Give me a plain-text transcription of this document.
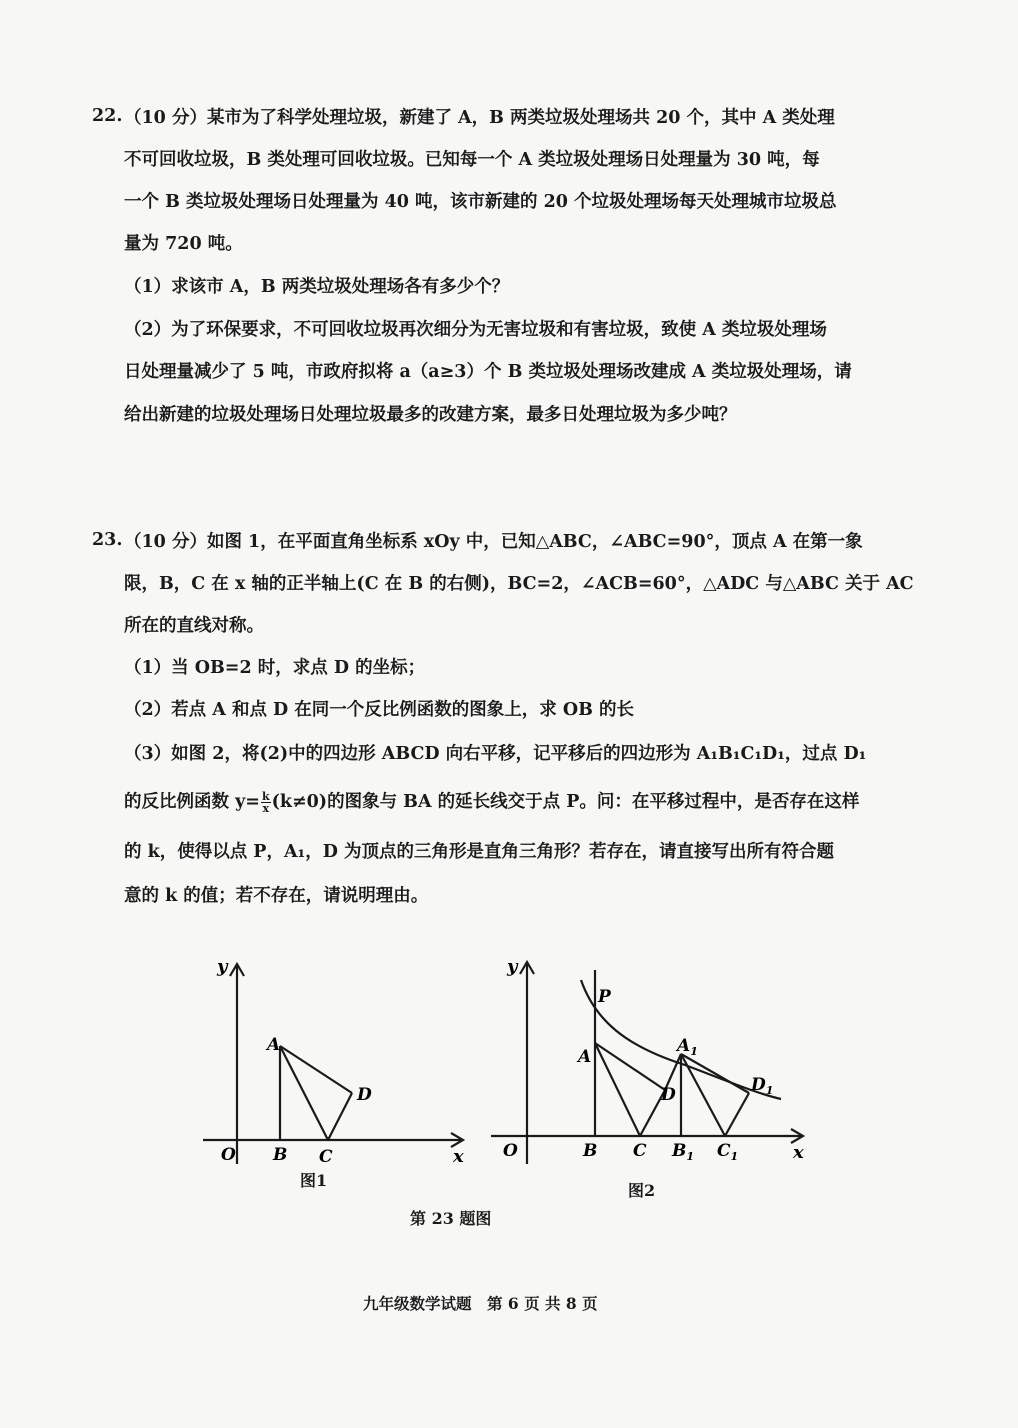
22. （10 分）某市为了科学处理垃圾，新建了 A，B 两类垃圾处理场共 20 个，其中 A 类处理
不可回收垃圾，B 类处理可回收垃圾。已知每一个 A 类垃圾处理场日处理量为 30 吨，每
一个 B 类垃圾处理场日处理量为 40 吨，该市新建的 20 个垃圾处理场每天处理城市垃圾总
量为 720 吨。
（1）求该市 A，B 两类垃圾处理场各有多少个？
（2）为了环保要求，不可回收垃圾再次细分为无害垃圾和有害垃圾，致使 A 类垃圾处理场
日处理量减少了 5 吨，市政府拟将 a（a≥3）个 B 类垃圾处理场改建成 A 类垃圾处理场，请
给出新建的垃圾处理场日处理垃圾最多的改建方案，最多日处理垃圾为多少吨？
23. （10 分）如图 1，在平面直角坐标系 xOy 中，已知△ABC，∠ABC=90°，顶点 A 在第一象
限，B，C 在 x 轴的正半轴上(C 在 B 的右侧)，BC=2，∠ACB=60°，△ADC 与△ABC 关于 AC
所在的直线对称。
（1）当 OB=2 时，求点 D 的坐标；
（2）若点 A 和点 D 在同一个反比例函数的图象上，求 OB 的长
（3）如图 2，将(2)中的四边形 ABCD 向右平移，记平移后的四边形为 A₁B₁C₁D₁，过点 D₁
的反比例函数 $y= \frac{k}{x} (k\ne 0)$的图象与 BA 的延长线交于点 P。问：在平移过程中，是否存在这样
的 k，使得以点 P，A₁，D 为顶点的三角形是直角三角形？若存在，请直接写出所有符合题
意的 k 的值；若不存在，请说明理由。
y
x
O
A
B C
D
图1
y
x
O
P
A
B C
D
$A_1$
$B_1$ $C_1$
$D_1$
图2
第 23 题图
九年级数学试题　第 6 页 共 8 页
